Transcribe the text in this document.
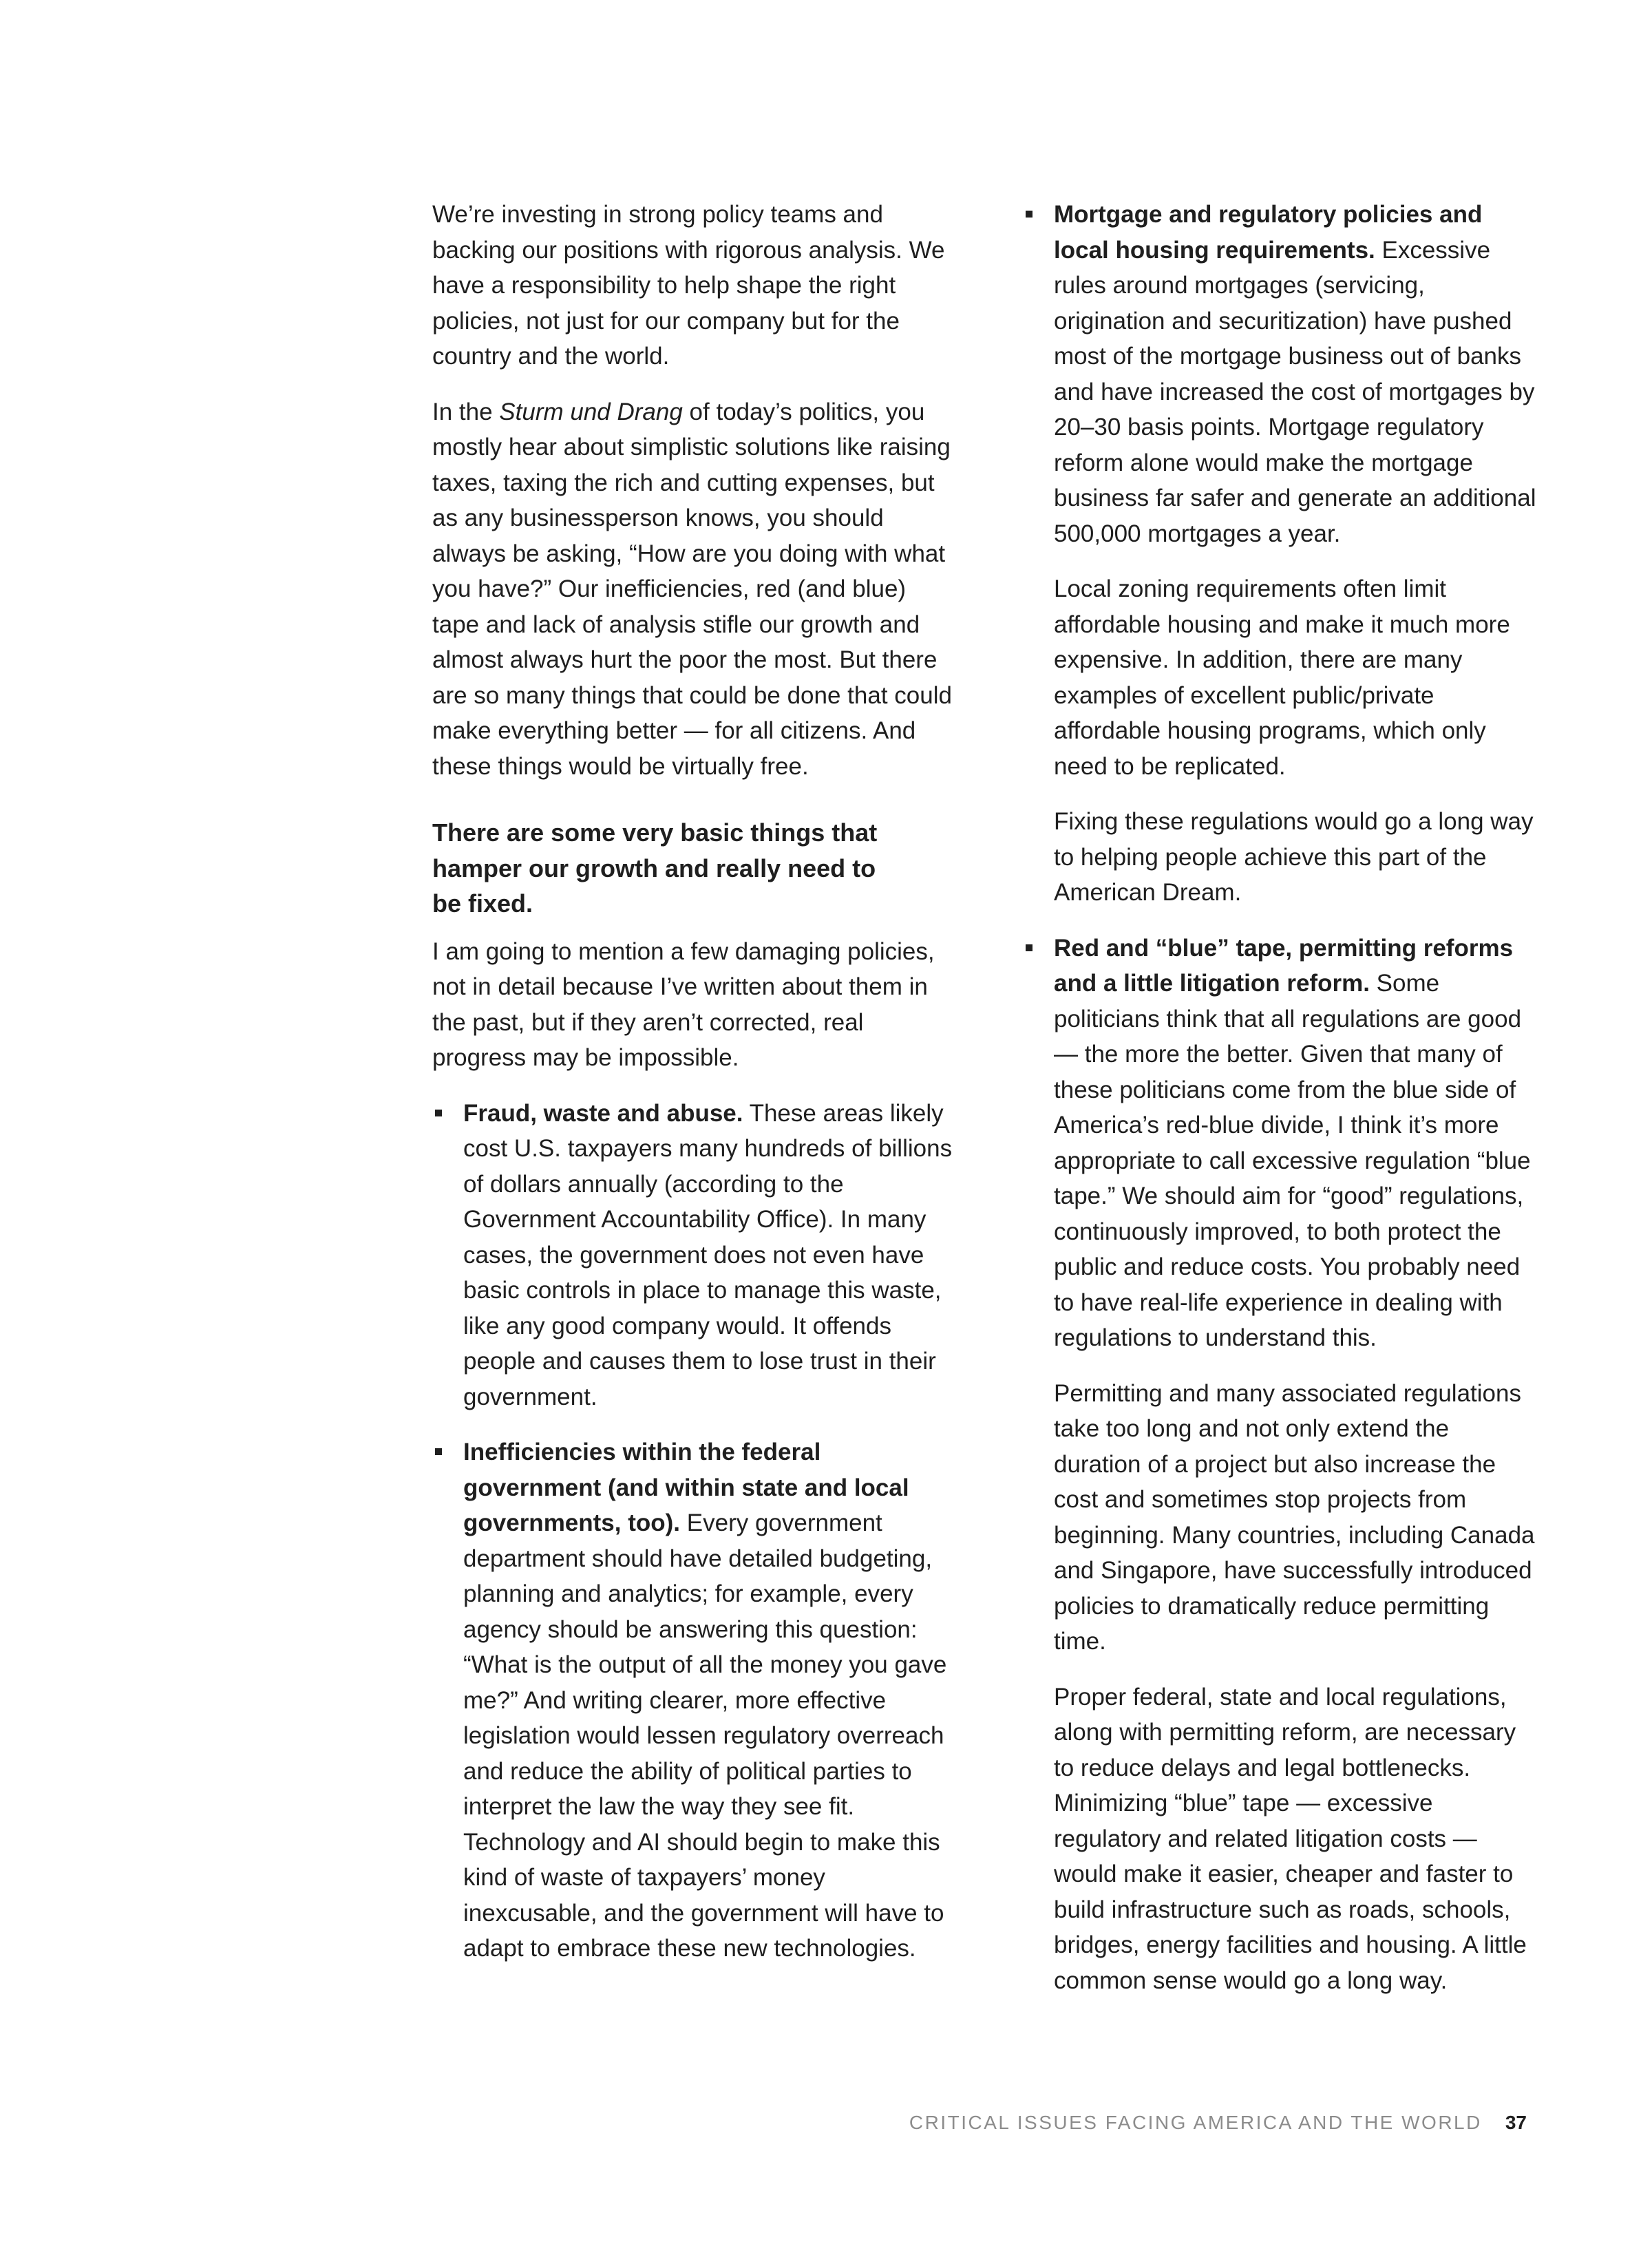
We’re investing in strong policy teams and backing our positions with rigorous analysis. We have a responsibility to help shape the right policies, not just for our company but for the country and the world.

In the Sturm und Drang of today’s politics, you mostly hear about simplistic solutions like raising taxes, taxing the rich and cutting expenses, but as any businessperson knows, you should always be asking, “How are you doing with what you have?” Our inefficiencies, red (and blue) tape and lack of analysis stifle our growth and almost always hurt the poor the most. But there are so many things that could be done that could make everything better — for all citizens. And these things would be virtually free.

There are some very basic things that hamper our growth and really need to be fixed.

I am going to mention a few damaging policies, not in detail because I’ve written about them in the past, but if they aren’t corrected, real progress may be impossible.

Fraud, waste and abuse. These areas likely cost U.S. taxpayers many hundreds of billions of dollars annually (according to the Government Accountability Office). In many cases, the government does not even have basic controls in place to manage this waste, like any good company would. It offends people and causes them to lose trust in their government.

Inefficiencies within the federal government (and within state and local governments, too). Every government department should have detailed budgeting, planning and analytics; for example, every agency should be answering this question: “What is the output of all the money you gave me?” And writing clearer, more effective legislation would lessen regulatory overreach and reduce the ability of political parties to interpret the law the way they see fit. Technology and AI should begin to make this kind of waste of taxpayers’ money inexcusable, and the government will have to adapt to embrace these new technologies.

Mortgage and regulatory policies and local housing requirements. Excessive rules around mortgages (servicing, origination and securitization) have pushed most of the mortgage business out of banks and have increased the cost of mortgages by 20–30 basis points. Mortgage regulatory reform alone would make the mortgage business far safer and generate an additional 500,000 mortgages a year.

Local zoning requirements often limit affordable housing and make it much more expensive. In addition, there are many examples of excellent public/private affordable housing programs, which only need to be replicated.

Fixing these regulations would go a long way to helping people achieve this part of the American Dream.

Red and “blue” tape, permitting reforms and a little litigation reform. Some politicians think that all regulations are good — the more the better. Given that many of these politicians come from the blue side of America’s red-blue divide, I think it’s more appropriate to call excessive regulation “blue tape.” We should aim for “good” regulations, continuously improved, to both protect the public and reduce costs. You probably need to have real-life experience in dealing with regulations to understand this.

Permitting and many associated regulations take too long and not only extend the duration of a project but also increase the cost and sometimes stop projects from beginning. Many countries, including Canada and Singapore, have successfully introduced policies to dramatically reduce permitting time.

Proper federal, state and local regulations, along with permitting reform, are necessary to reduce delays and legal bottlenecks. Minimizing “blue” tape — excessive regulatory and related litigation costs — would make it easier, cheaper and faster to build infrastructure such as roads, schools, bridges, energy facilities and housing. A little common sense would go a long way.

CRITICAL ISSUES FACING AMERICA AND THE WORLD 37
